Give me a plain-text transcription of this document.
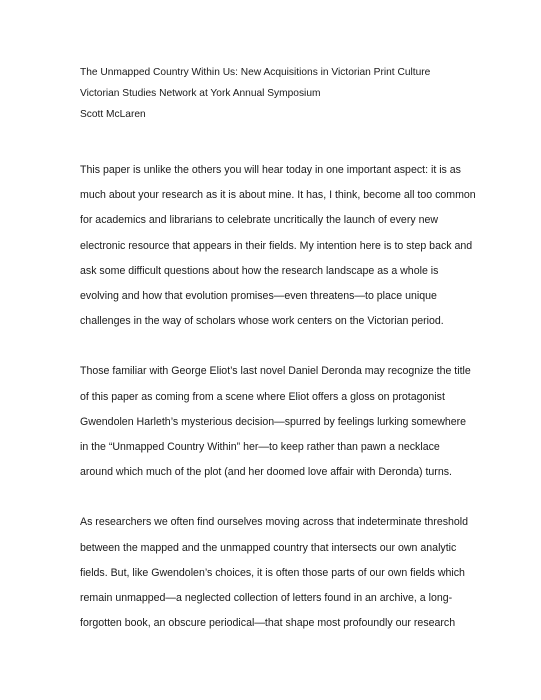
The Unmapped Country Within Us: New Acquisitions in Victorian Print Culture
Victorian Studies Network at York Annual Symposium
Scott McLaren
This paper is unlike the others you will hear today in one important aspect: it is as
much about your research as it is about mine. It has, I think, become all too common
for academics and librarians to celebrate uncritically the launch of every new
electronic resource that appears in their fields. My intention here is to step back and
ask some difficult questions about how the research landscape as a whole is
evolving and how that evolution promises—even threatens—to place unique
challenges in the way of scholars whose work centers on the Victorian period.
Those familiar with George Eliot’s last novel Daniel Deronda may recognize the title
of this paper as coming from a scene where Eliot offers a gloss on protagonist
Gwendolen Harleth’s mysterious decision—spurred by feelings lurking somewhere
in the “Unmapped Country Within” her—to keep rather than pawn a necklace
around which much of the plot (and her doomed love affair with Deronda) turns.
As researchers we often find ourselves moving across that indeterminate threshold
between the mapped and the unmapped country that intersects our own analytic
fields. But, like Gwendolen’s choices, it is often those parts of our own fields which
remain unmapped—a neglected collection of letters found in an archive, a long-
forgotten book, an obscure periodical—that shape most profoundly our research
